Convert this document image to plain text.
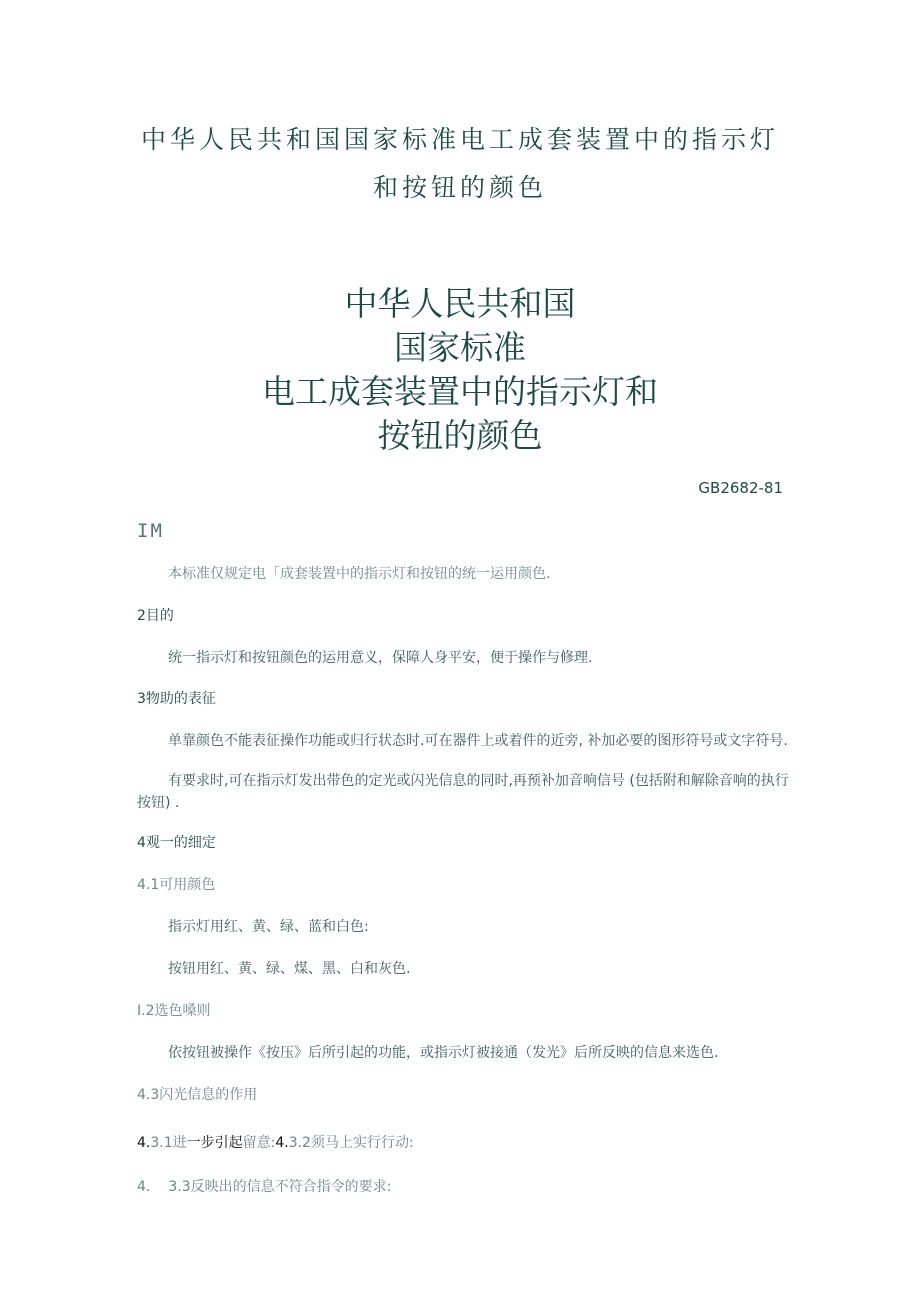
中华人民共和国国家标准电工成套装置中的指示灯
和按钮的颜色
中华人民共和国
国家标准
电工成套装置中的指示灯和
按钮的颜色
GB2682-81
IM
本标准仅规定电「成套装置中的指示灯和按钮的统一运用颜色.
2目的
统一指示灯和按钮颜色的运用意义，保障人身平安，便于操作与修理.
3物助的表征
单靠颜色不能表征操作功能或归行状态时.可在器件上或着件的近旁, 补加必要的图形符号或文字符号.
有要求时,可在指示灯发出带色的定光或闪光信息的同时,再预补加音响信号 (包括附和解除音响的执行按钮) .
4观一的细定
4.1可用颜色
指示灯用红、黄、绿、蓝和白色:
按钮用红、黄、绿、煤、黑、白和灰色.
I.2选色嗓则
依按钮被操作《按压》后所引起的功能，或指示灯被接通（发光》后所反映的信息来选色.
4.3闪光信息的作用
4.3.1进一步引起留意:4.3.2须马上实行行动:
4. 3.3反映出的信息不符合指令的要求:
